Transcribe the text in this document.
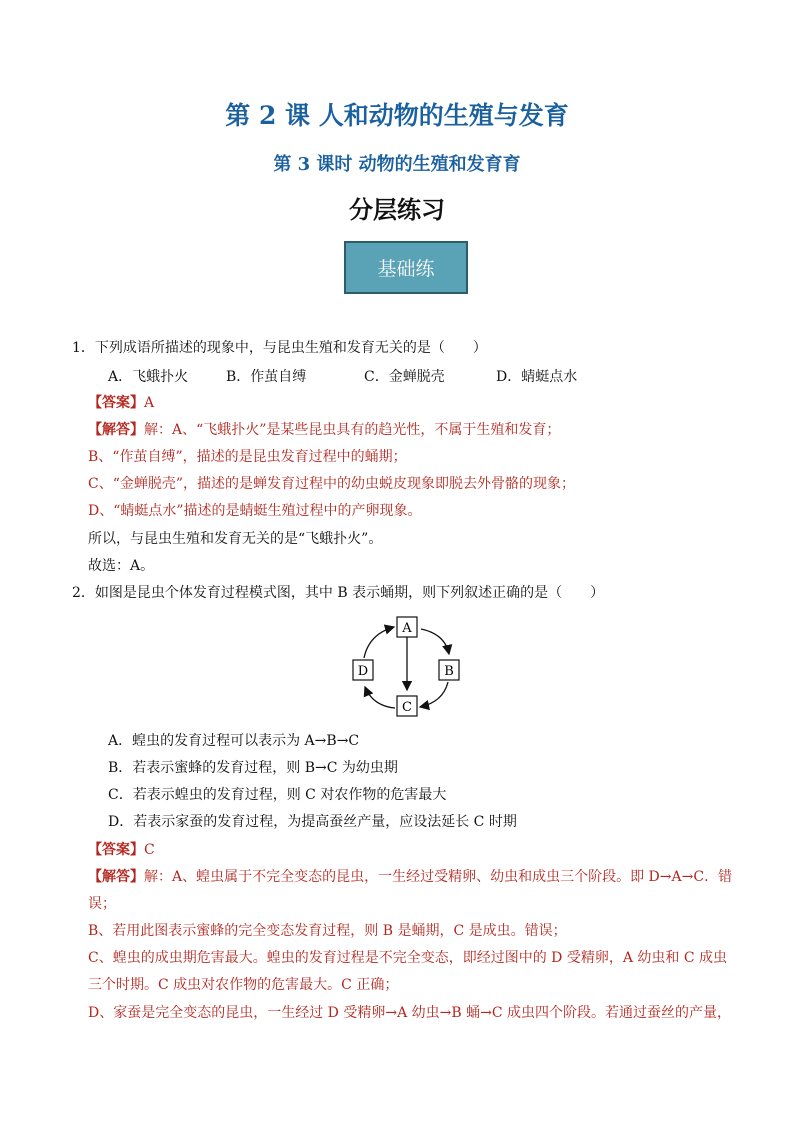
第 2 课 人和动物的生殖与发育
第 3 课时 动物的生殖和发育育
分层练习
基础练
1．下列成语所描述的现象中，与昆虫生殖和发育无关的是（　　）
A．飞蛾扑火	B．作茧自缚	C．金蝉脱壳	D．蜻蜓点水
【答案】A
【解答】解：A、“飞蛾扑火”是某些昆虫具有的趋光性，不属于生殖和发育；
B、“作茧自缚”，描述的是昆虫发育过程中的蛹期；
C、“金蝉脱壳”，描述的是蝉发育过程中的幼虫蜕皮现象即脱去外骨骼的现象；
D、“蜻蜓点水”描述的是蜻蜓生殖过程中的产卵现象。
所以，与昆虫生殖和发育无关的是“飞蛾扑火”。
故选：A。
2．如图是昆虫个体发育过程模式图，其中 B 表示蛹期，则下列叙述正确的是（　　）
A
B
C
D
A．蝗虫的发育过程可以表示为 A→B→C
B．若表示蜜蜂的发育过程，则 B→C 为幼虫期
C．若表示蝗虫的发育过程，则 C 对农作物的危害最大
D．若表示家蚕的发育过程，为提高蚕丝产量，应设法延长 C 时期
【答案】C
【解答】解：A、蝗虫属于不完全变态的昆虫，一生经过受精卵、幼虫和成虫三个阶段。即 D→A→C．错
误；
B、若用此图表示蜜蜂的完全变态发育过程，则 B 是蛹期，C 是成虫。错误；
C、蝗虫的成虫期危害最大。蝗虫的发育过程是不完全变态，即经过图中的 D 受精卵，A 幼虫和 C 成虫
三个时期。C 成虫对农作物的危害最大。C 正确；
D、家蚕是完全变态的昆虫，一生经过 D 受精卵→A 幼虫→B 蛹→C 成虫四个阶段。若通过蚕丝的产量，
